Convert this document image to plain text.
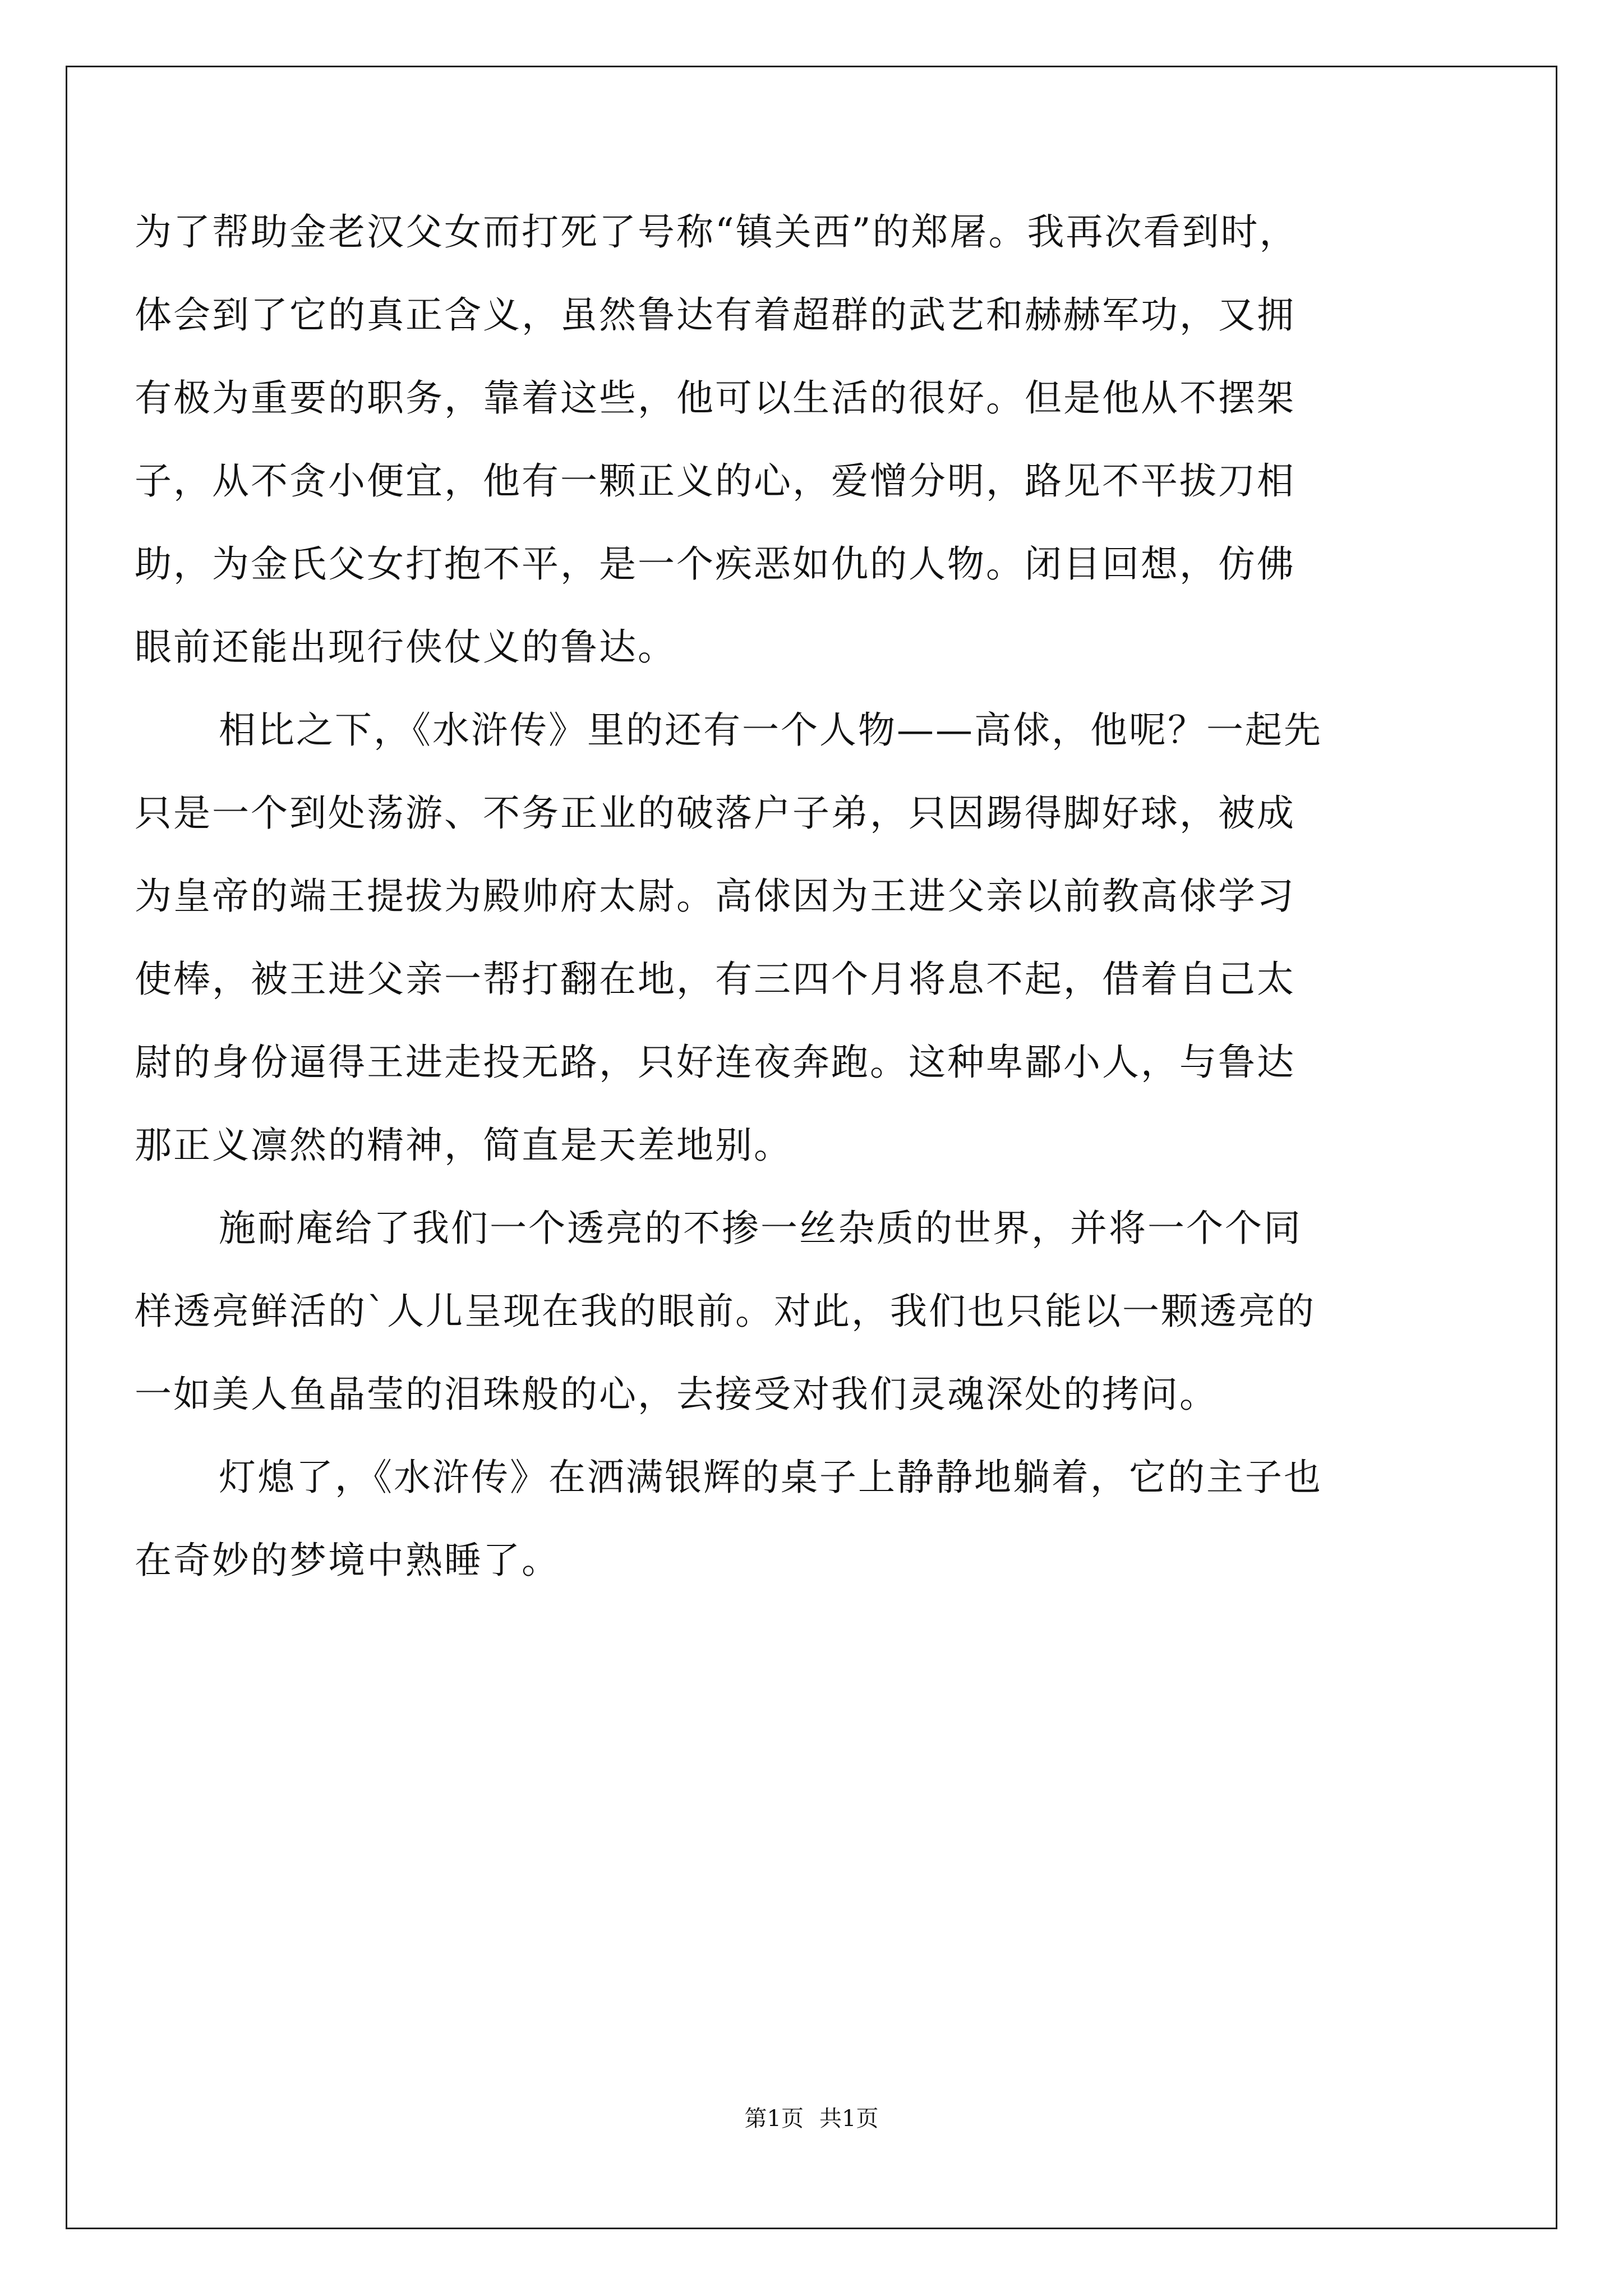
为了帮助金老汉父女而打死了号称“镇关西”的郑屠。我再次看到时，
体会到了它的真正含义，虽然鲁达有着超群的武艺和赫赫军功，又拥
有极为重要的职务，靠着这些，他可以生活的很好。但是他从不摆架
子，从不贪小便宜，他有一颗正义的心，爱憎分明，路见不平拔刀相
助，为金氏父女打抱不平，是一个疾恶如仇的人物。闭目回想，仿佛
眼前还能出现行侠仗义的鲁达。
相比之下，《水浒传》里的还有一个人物——高俅，他呢？一起先
只是一个到处荡游、不务正业的破落户子弟，只因踢得脚好球，被成
为皇帝的端王提拔为殿帅府太尉。高俅因为王进父亲以前教高俅学习
使棒，被王进父亲一帮打翻在地，有三四个月将息不起，借着自己太
尉的身份逼得王进走投无路，只好连夜奔跑。这种卑鄙小人，与鲁达
那正义凛然的精神，简直是天差地别。
施耐庵给了我们一个透亮的不掺一丝杂质的世界，并将一个个同
样透亮鲜活的`人儿呈现在我的眼前。对此，我们也只能以一颗透亮的
一如美人鱼晶莹的泪珠般的心，去接受对我们灵魂深处的拷问。
灯熄了，《水浒传》在洒满银辉的桌子上静静地躺着，它的主子也
在奇妙的梦境中熟睡了。
第1页 共1页
